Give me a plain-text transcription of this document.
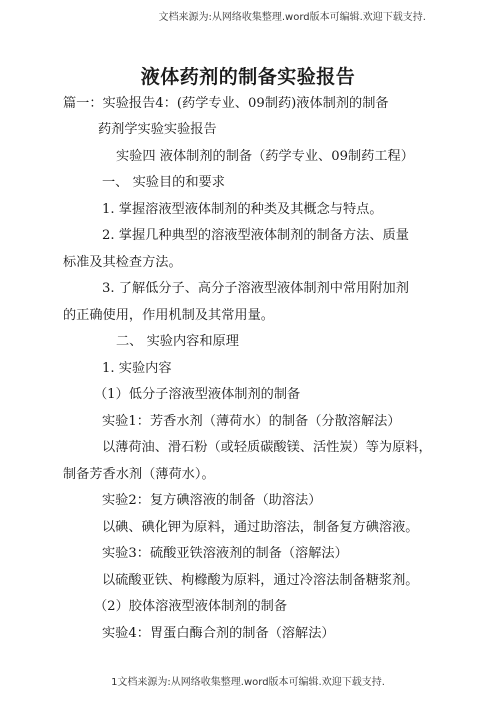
文档来源为:从网络收集整理.word版本可编辑.欢迎下载支持.
液体药剂的制备实验报告
篇一：实验报告4：(药学专业、09制药)液体制剂的制备
药剂学实验实验报告
实验四 液体制剂的制备（药学专业、09制药工程）
一、 实验目的和要求
1. 掌握溶液型液体制剂的种类及其概念与特点。
2. 掌握几种典型的溶液型液体制剂的制备方法、质量
标准及其检查方法。
3. 了解低分子、高分子溶液型液体制剂中常用附加剂
的正确使用，作用机制及其常用量。
二、 实验内容和原理
1. 实验内容
（1）低分子溶液型液体制剂的制备
实验1：芳香水剂（薄荷水）的制备（分散溶解法）
以薄荷油、滑石粉（或轻质碳酸镁、活性炭）等为原料，
制备芳香水剂（薄荷水）。
实验2：复方碘溶液的制备（助溶法）
以碘、碘化钾为原料，通过助溶法，制备复方碘溶液。
实验3：硫酸亚铁溶液剂的制备（溶解法）
以硫酸亚铁、枸橼酸为原料，通过冷溶法制备糖浆剂。
（2）胶体溶液型液体制剂的制备
实验4：胃蛋白酶合剂的制备（溶解法）
1文档来源为:从网络收集整理.word版本可编辑.欢迎下载支持.
